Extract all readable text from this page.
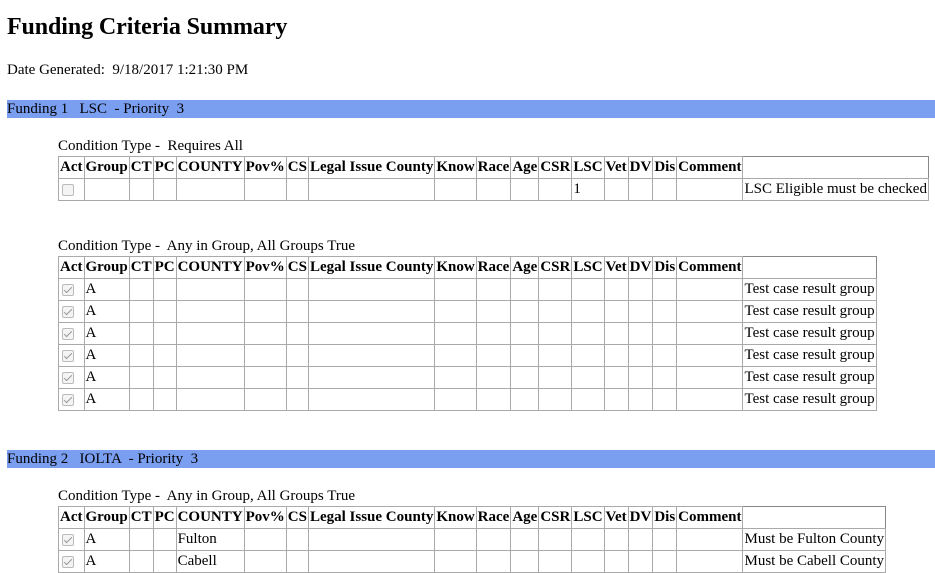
Funding Criteria Summary
Date Generated: 9/18/2017 1:21:30 PM
Funding 1   LSC  - Priority  3
Condition Type -  Requires All
Act	Group	CT	PC	COUNTY	Pov%	CS	Legal Issue County	Know	Race	Age	CSR	LSC	Vet	DV	Dis	Comment	
												1					LSC Eligible must be checked
Condition Type -  Any in Group, All Groups True
Act	Group	CT	PC	COUNTY	Pov%	CS	Legal Issue County	Know	Race	Age	CSR	LSC	Vet	DV	Dis	Comment	
	A																Test case result group
	A																Test case result group
	A																Test case result group
	A																Test case result group
	A																Test case result group
	A																Test case result group
Funding 2   IOLTA  - Priority  3
Condition Type -  Any in Group, All Groups True
Act	Group	CT	PC	COUNTY	Pov%	CS	Legal Issue County	Know	Race	Age	CSR	LSC	Vet	DV	Dis	Comment	
	A			Fulton													Must be Fulton County
	A			Cabell													Must be Cabell County
